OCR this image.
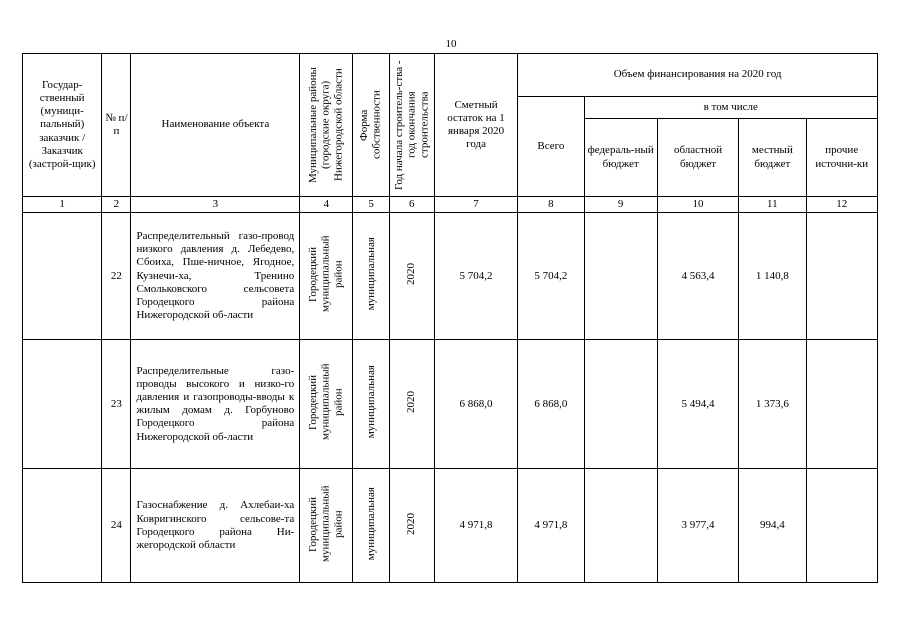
10
Государ-ственный (муници-пальный) заказчик / Заказчик (застрой-щик)	№ п/п	Наименование объекта	Муниципальные районы (городские округа) Нижегородской области	Форма собственности	Год начала строитель-ства - год окончания строительства	Сметный остаток на 1 января 2020 года	Объем финансирования на 2020 год				
							Всего	в том числе			
								федераль-ный бюджет	областной бюджет	местный бюджет	прочие источни-ки
1	2	3	4	5	6	7	8	9	10	11	12
	22	Распределительный газо-провод низкого давления д. Лебедево, Сбоиха, Пше-ничное, Ягодное, Кузнечи-ха, Тренино Смольковского сельсовета Городецкого района Нижегородской об-ласти	Городецкий муниципальный район	муниципальная	2020	5 704,2	5 704,2		4 563,4	1 140,8	
	23	Распределительные газо-проводы высокого и низко-го давления и газопроводы-вводы к жилым домам д. Горбуново Городецкого района Нижегородской об-ласти	Городецкий муниципальный район	муниципальная	2020	6 868,0	6 868,0		5 494,4	1 373,6	
	24	Газоснабжение д. Ахлебаи-ха Ковригинского сельсове-та Городецкого района Ни-жегородской области	Городецкий муниципальный район	муниципальная	2020	4 971,8	4 971,8		3 977,4	994,4	
